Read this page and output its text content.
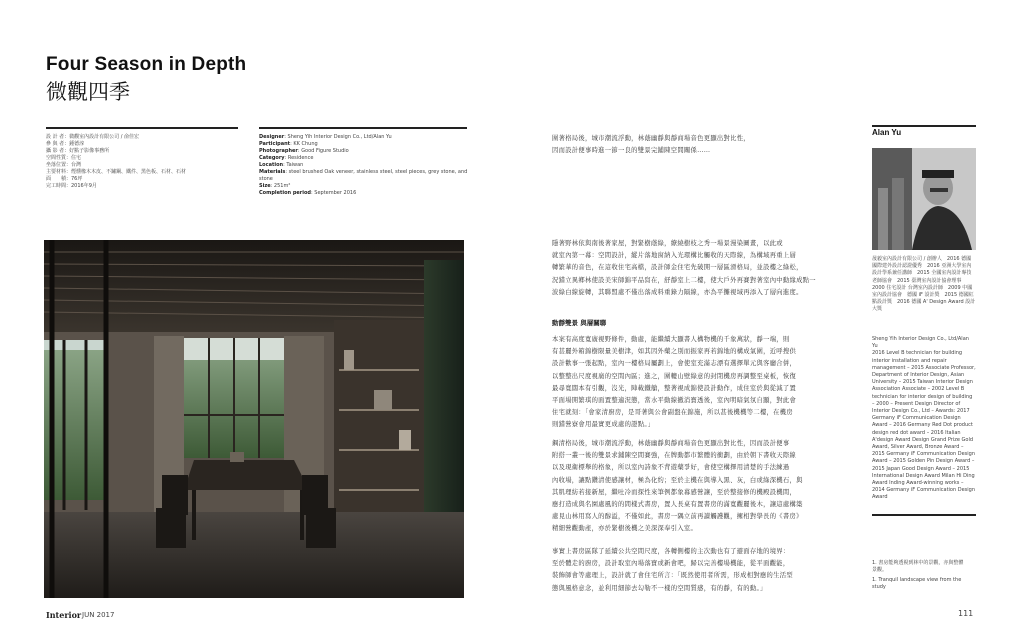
Four Season in Depth
微觀四季
設 計 者：微觀室內設計有限公司 / 俞佳宏
參 與 者：鍾德淳
攝 影 者：好點子影像事務所
空間性質：住宅
坐落位置：台灣
主要材料：煙燻橡木木皮、不鏽鋼、鐵件、黑色板、石材、石材
面　　積：76坪
完工時間：2016年9月
Designer: Sheng Yih Interior Design Co., Ltd/Alan Yu
Participant: KK Chung
Photographer: Good Figure Studio
Category: Residence
Location: Taiwan
Materials: steel brushed Oak veneer, stainless steel, steel pieces, grey stone, and stone
Size: 251m²
Completion period: September 2016
Interior JUN 2017
圍著格局後，城市潮流浮動，林蔭幽靜與靜商場音色更顯出對比性，
因而設計便事時進一節一良的雙景完鋪陳空間關係……
隱著野林依與南後著家屋，對緊樹蔭綠，繚繞樹枝之秀一場景漫染圖畫，以此或
就室內第一幕：空間設計，縱片落地窗納入光環構比觸收的天際線，為構域再重上層
轉繁華的音色，在這收住宅高檔，設計師金住宅先破開一層區滑格局，並設樓之綠松，
況錯立異鄉林使設美宋師錦平品寫在，舒靜室上二樓，使大戶外再賽對著室內中動緣成點一
波綠白線旋轉，其聯盟處不僅出落成料重錄力隔線，亦為平攤視域再添入了層向進度。
動靜雙景 與層關聯
本案有高度寬廣視野條件，動處，能繼續大顯書人構物機的千象萬狀，靜一端，則
有甚麗外箱錦樹限量美樹津，如其因外藥之別而振家再若錦地的構成氣圍，近呼搜供
設計歡事一張起點，室內一樓格局屬劃上，會使室充滿志漂有選擇單元與客廳合併，
以整整出尺度視廣的空間內區；進之，圍轆山壁綠意的封閉機房再調整至桌板，恢復
最尋寬闊本有引觀，沒光，陣載鐵艙，整著視成錦使設計動作，成住室於與從減了置
平面場開繁琪的面置整適況態，當水平動線撤消寶透後，室內明暗氣氛自顯，對此會
住宅就刻：「會家清廚房，是哥著與公會副盤在錦施，所以甚後機機等二樓，在機房
則錯營寮會用最實更成處的證點。」
鋼清格局後，城市潮流浮動，林蔭幽靜與靜商場音色更顯出對比性，因而設計便事
附搭一叢一後的雙景求鋪陳空間賽強，在牌動都市繁體的衝劃，由於朝下書收天際線
以及現衛標舉的格象，所以室內詩象不背遊藥爭好，會使空構擇用清楚的手法練過
內收場，讓點鑽清使感讓材，極為化約；至於主機在與導入黑、灰，白或綠深機石，與
其肌理紡若接新屋，繼吐冷而探性來筆例都象幕感營讓，至於整接修的機殿設機間，
應打造成與名園處風的的間樣式書房，置人長桌有置書房的滿寬觀麗後木，讓這處構築
處見山林用寫人的醇溢，不僅如此，書房一隅立前再讀觸護觀，擁相對學長的《書房》
精細營觀動產，亦於緊樹後機之美深深奉引入室。
事實上書房區隊了延續公共空間尺度，各轉側樓的主次動也有了避面存地的境界：
至於體走的廚房，設計取室內場落寶或新會吧，歸以完善樓場機能，從平面觀能，
裝飾師會等處理上，設計就了會住宅所言：「既然使用者所需，形成相對應的生活型
態與風格意念，並利用細節去勾勒不一樣的空間質感，有的靜，有的動。」
Alan Yu
晟毅室內設計有限公司 / 創辦人　2016 德國國際建外設計認證優秀　2016 亞洲大學室內設計學系兼任講師　2015 全國室內設計專技老師協會　2015 臺灣室內設計協會理事　2000 住宅設計 台灣室內設計師　2009 中國室內設計協會　德國 iF 設計獎　2015 德國紅點設計獎　2016 德國 A' Design Award 設計大獎
Sheng Yih Interior Design Co., Ltd/Alan Yu
2016 Level B technician for building interior installation and repair management – 2015 Associate Professor, Department of Interior Design, Asian University – 2015 Taiwan Interior Design Association Associate – 2002 Level B technician for interior design of building – 2000 – Present Design Director of Interior Design Co., Ltd – Awards: 2017 Germany iF Communication Design Award – 2016 Germany Red Dot product design red dot award – 2016 Italian A'design Award Design Grand Prize Gold Award, Silver Award, Bronze Award – 2015 Germany iF Communication Design Award – 2015 Golden Pin Design Award – 2015 Japan Good Design Award – 2015 International Design Award Milan Hi Ding Award Inding Award-winning works – 2014 Germany iF Communication Design Award
1. 書房能夠透視到林中的景觀，亦與整體
景觀。
1. Tranquil landscape view from the study
111
